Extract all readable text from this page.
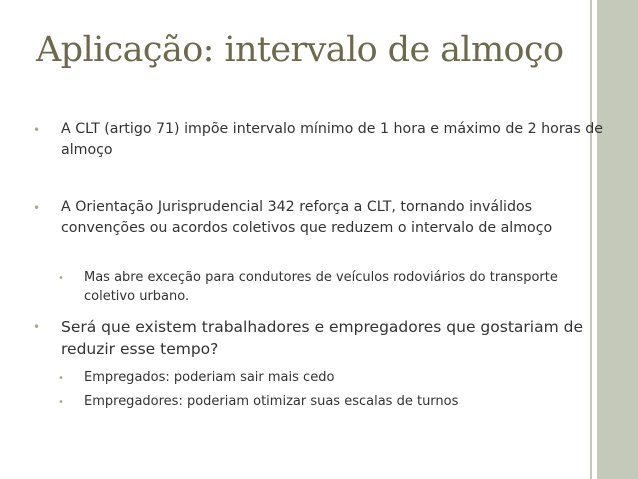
Aplicação: intervalo de almoço
• A CLT (artigo 71) impõe intervalo mínimo de 1 hora e máximo de 2 horas de almoço
• A Orientação Jurisprudencial 342 reforça a CLT, tornando inválidos convenções ou acordos coletivos que reduzem o intervalo de almoço
• Mas abre exceção para condutores de veículos rodoviários do transporte coletivo urbano.
• Será que existem trabalhadores e empregadores que gostariam de reduzir esse tempo?
• Empregados: poderiam sair mais cedo
• Empregadores: poderiam otimizar suas escalas de turnos
